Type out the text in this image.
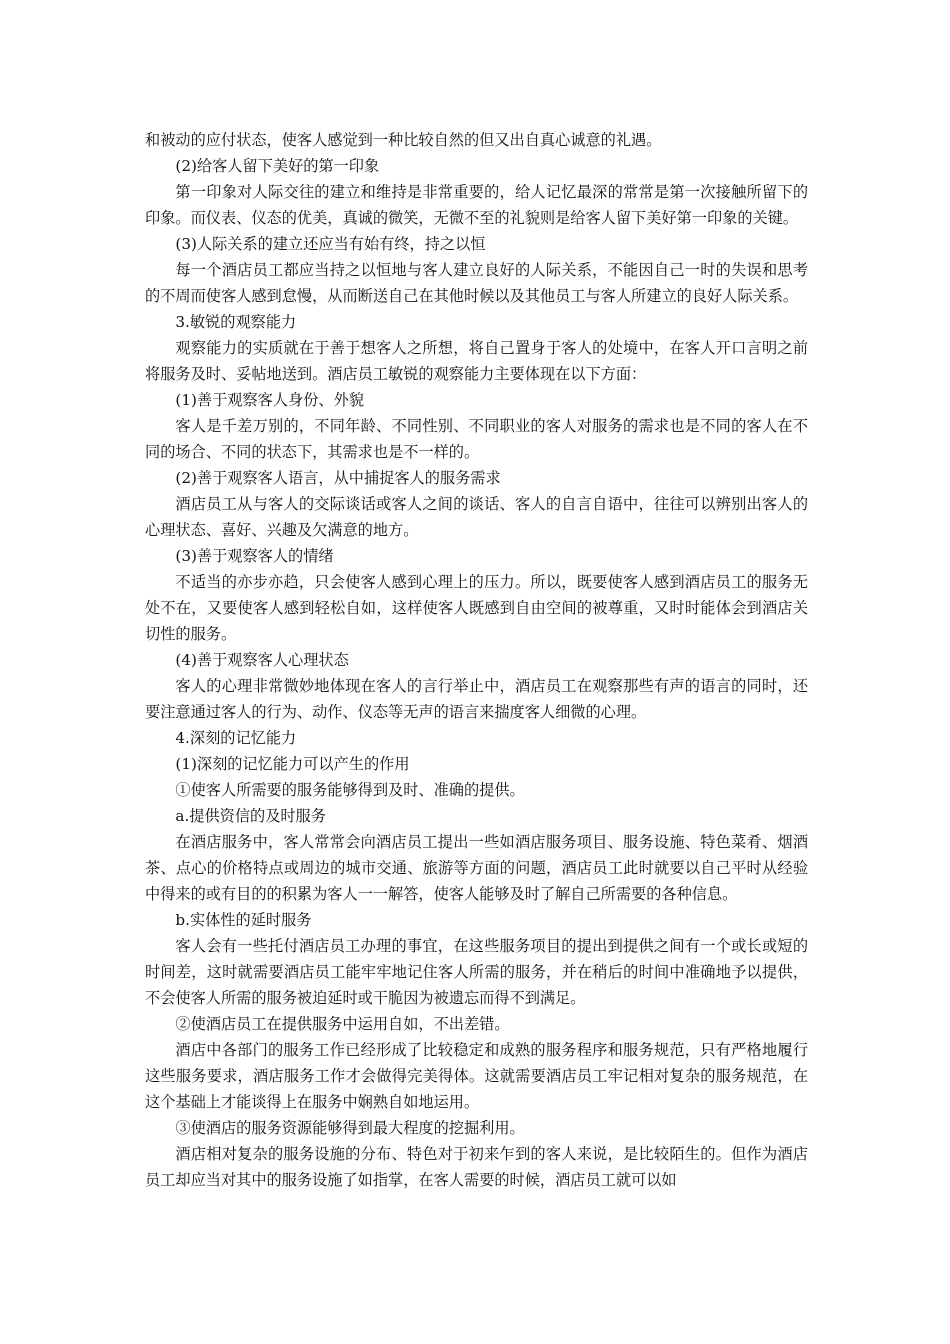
和被动的应付状态，使客人感觉到一种比较自然的但又出自真心诚意的礼遇。

(2)给客人留下美好的第一印象

第一印象对人际交往的建立和维持是非常重要的，给人记忆最深的常常是第一次接触所留下的印象。而仪表、仪态的优美，真诚的微笑，无微不至的礼貌则是给客人留下美好第一印象的关键。

(3)人际关系的建立还应当有始有终，持之以恒

每一个酒店员工都应当持之以恒地与客人建立良好的人际关系，不能因自己一时的失误和思考的不周而使客人感到怠慢，从而断送自己在其他时候以及其他员工与客人所建立的良好人际关系。

3.敏锐的观察能力

观察能力的实质就在于善于想客人之所想，将自己置身于客人的处境中，在客人开口言明之前将服务及时、妥帖地送到。酒店员工敏锐的观察能力主要体现在以下方面：

(1)善于观察客人身份、外貌

客人是千差万别的，不同年龄、不同性别、不同职业的客人对服务的需求也是不同的客人在不同的场合、不同的状态下，其需求也是不一样的。

(2)善于观察客人语言，从中捕捉客人的服务需求

酒店员工从与客人的交际谈话或客人之间的谈话、客人的自言自语中，往往可以辨别出客人的心理状态、喜好、兴趣及欠满意的地方。

(3)善于观察客人的情绪

不适当的亦步亦趋，只会使客人感到心理上的压力。所以，既要使客人感到酒店员工的服务无处不在，又要使客人感到轻松自如，这样使客人既感到自由空间的被尊重，又时时能体会到酒店关切性的服务。

(4)善于观察客人心理状态

客人的心理非常微妙地体现在客人的言行举止中，酒店员工在观察那些有声的语言的同时，还要注意通过客人的行为、动作、仪态等无声的语言来揣度客人细微的心理。

4.深刻的记忆能力

(1)深刻的记忆能力可以产生的作用

①使客人所需要的服务能够得到及时、准确的提供。

a.提供资信的及时服务

在酒店服务中，客人常常会向酒店员工提出一些如酒店服务项目、服务设施、特色菜肴、烟酒茶、点心的价格特点或周边的城市交通、旅游等方面的问题，酒店员工此时就要以自己平时从经验中得来的或有目的的积累为客人一一解答，使客人能够及时了解自己所需要的各种信息。

b.实体性的延时服务

客人会有一些托付酒店员工办理的事宜，在这些服务项目的提出到提供之间有一个或长或短的时间差，这时就需要酒店员工能牢牢地记住客人所需的服务，并在稍后的时间中准确地予以提供，不会使客人所需的服务被迫延时或干脆因为被遗忘而得不到满足。

②使酒店员工在提供服务中运用自如，不出差错。

酒店中各部门的服务工作已经形成了比较稳定和成熟的服务程序和服务规范，只有严格地履行这些服务要求，酒店服务工作才会做得完美得体。这就需要酒店员工牢记相对复杂的服务规范，在这个基础上才能谈得上在服务中娴熟自如地运用。

③使酒店的服务资源能够得到最大程度的挖掘利用。

酒店相对复杂的服务设施的分布、特色对于初来乍到的客人来说，是比较陌生的。但作为酒店员工却应当对其中的服务设施了如指掌，在客人需要的时候，酒店员工就可以如
